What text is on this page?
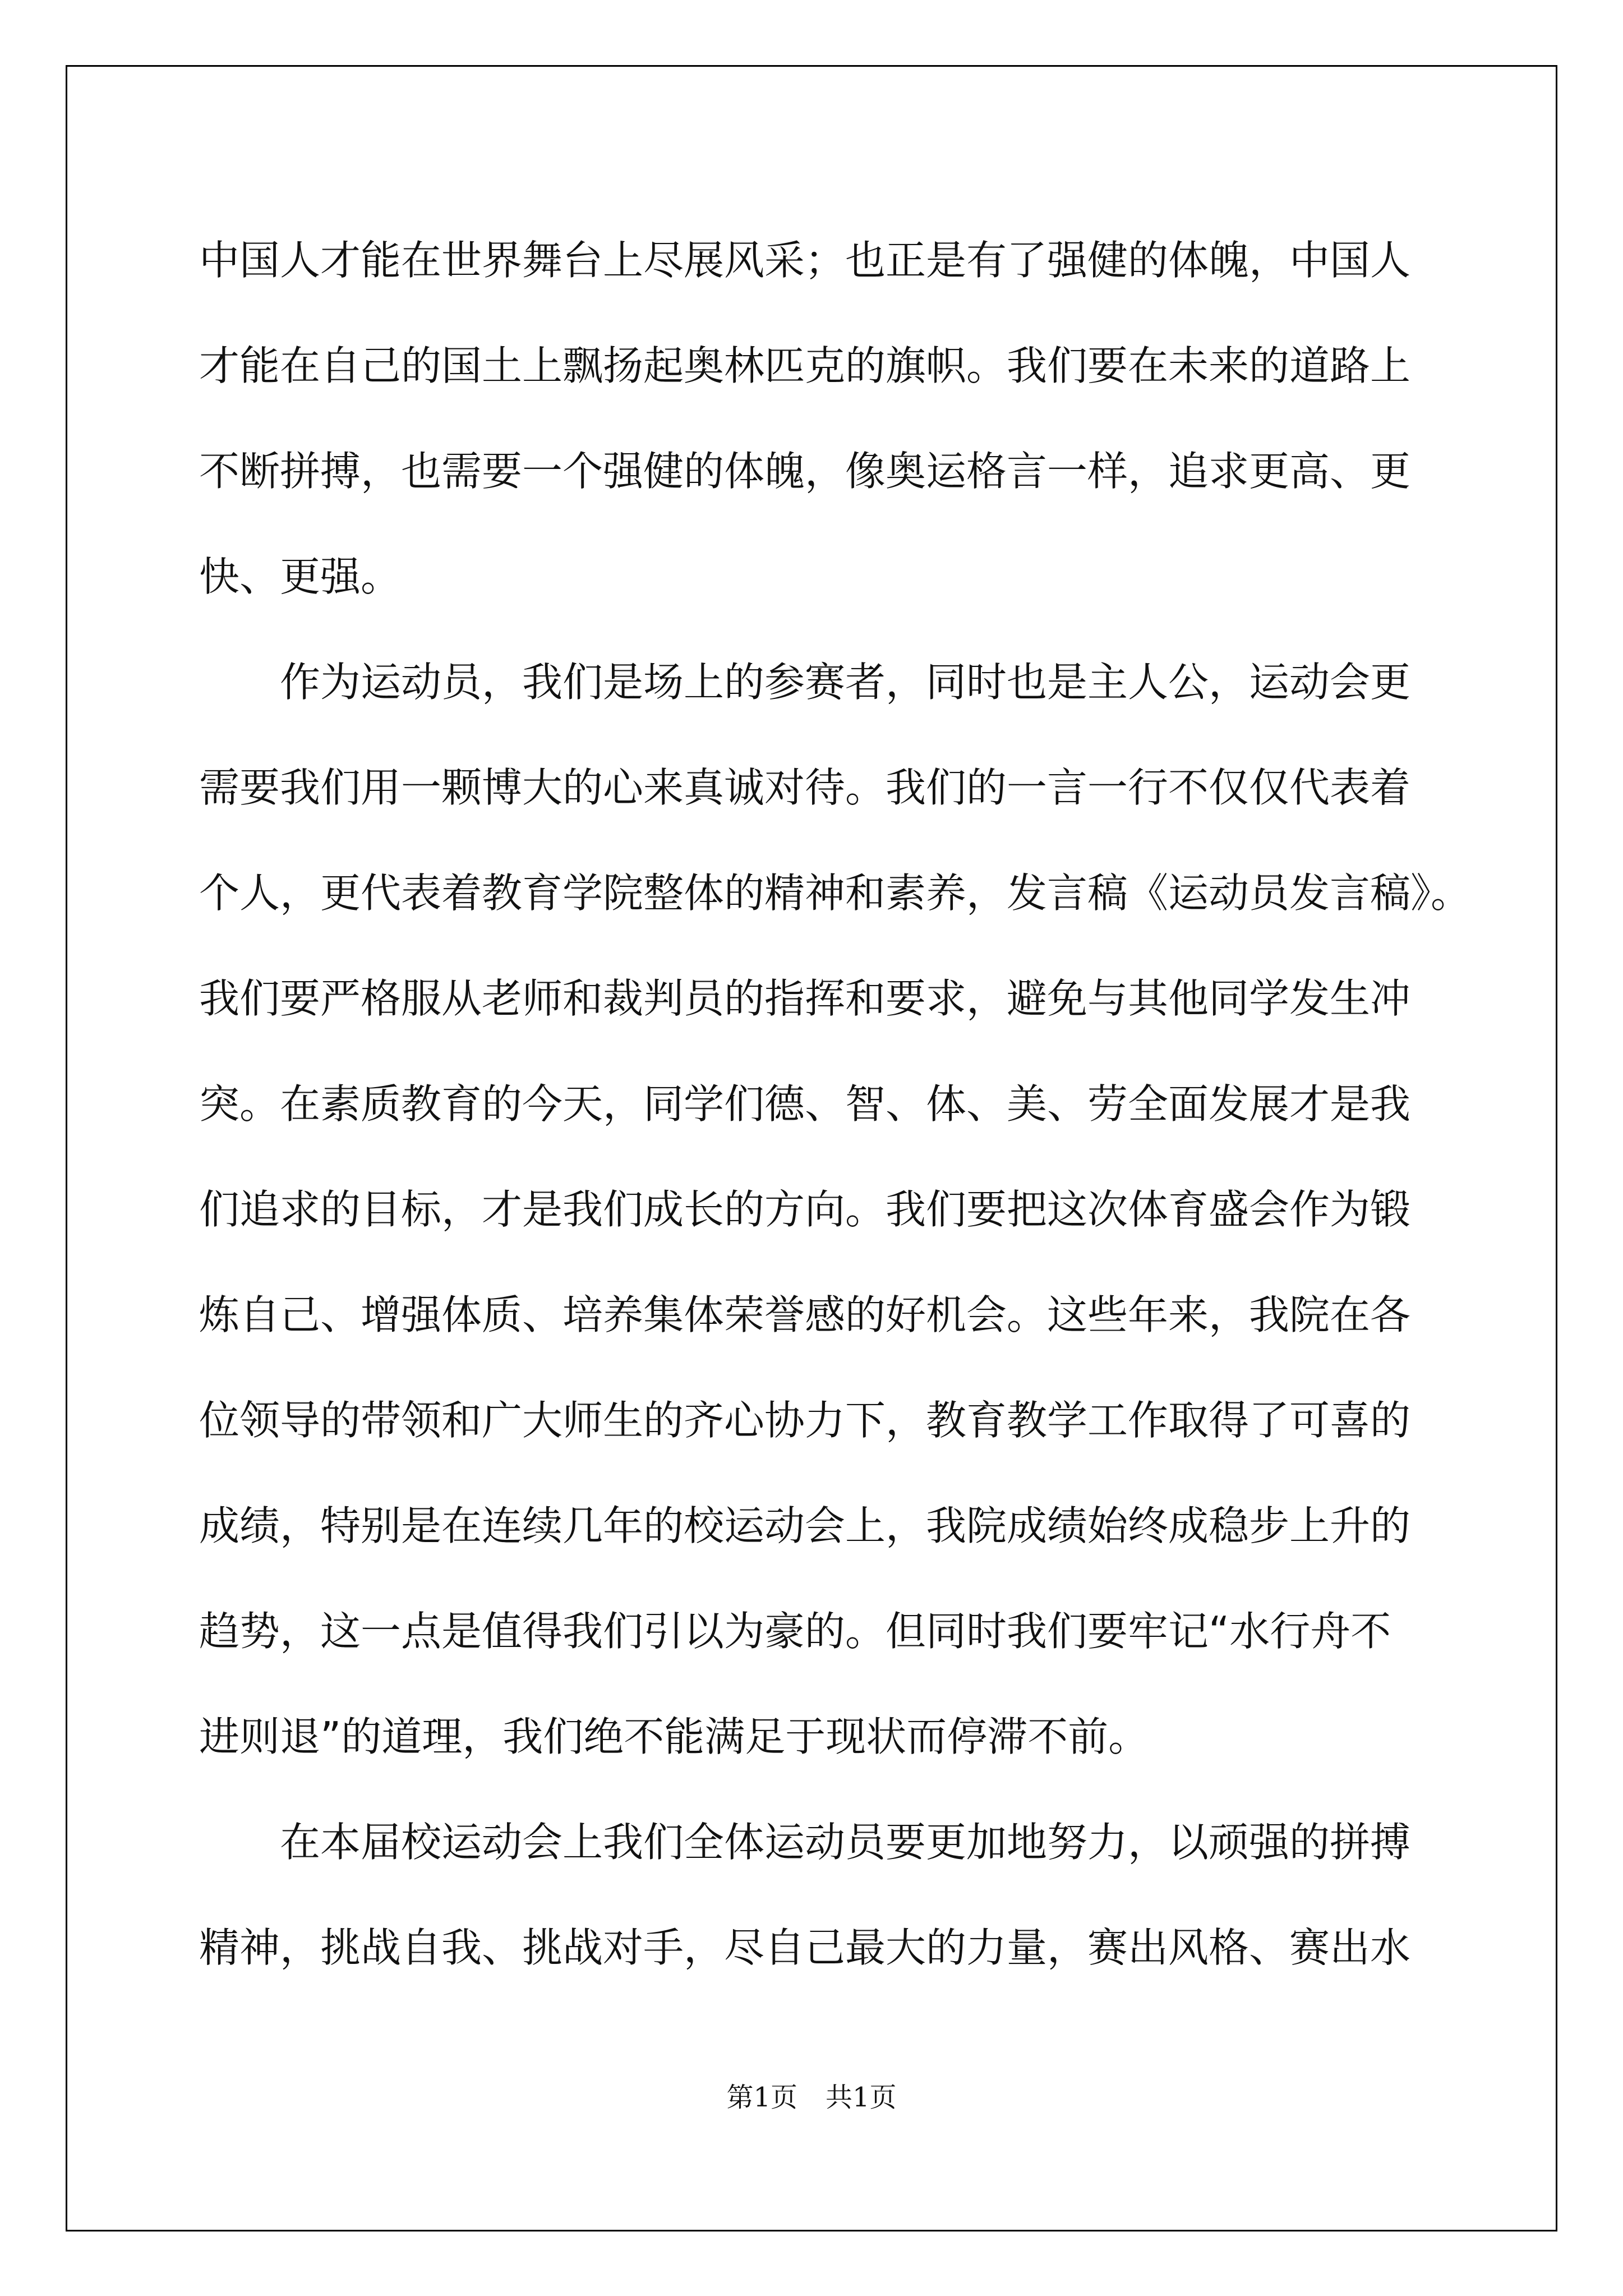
中国人才能在世界舞台上尽展风采；也正是有了强健的体魄，中国人
才能在自己的国土上飘扬起奥林匹克的旗帜。我们要在未来的道路上
不断拼搏，也需要一个强健的体魄，像奥运格言一样，追求更高、更
快、更强。
　　作为运动员，我们是场上的参赛者，同时也是主人公，运动会更
需要我们用一颗博大的心来真诚对待。我们的一言一行不仅仅代表着
个人，更代表着教育学院整体的精神和素养，发言稿《运动员发言稿》。
我们要严格服从老师和裁判员的指挥和要求，避免与其他同学发生冲
突。在素质教育的今天，同学们德、智、体、美、劳全面发展才是我
们追求的目标，才是我们成长的方向。我们要把这次体育盛会作为锻
炼自己、增强体质、培养集体荣誉感的好机会。这些年来，我院在各
位领导的带领和广大师生的齐心协力下，教育教学工作取得了可喜的
成绩，特别是在连续几年的校运动会上，我院成绩始终成稳步上升的
趋势，这一点是值得我们引以为豪的。但同时我们要牢记“水行舟不
进则退”的道理，我们绝不能满足于现状而停滞不前。
　　在本届校运动会上我们全体运动员要更加地努力，以顽强的拼搏
精神，挑战自我、挑战对手，尽自己最大的力量，赛出风格、赛出水
第1页 共1页
